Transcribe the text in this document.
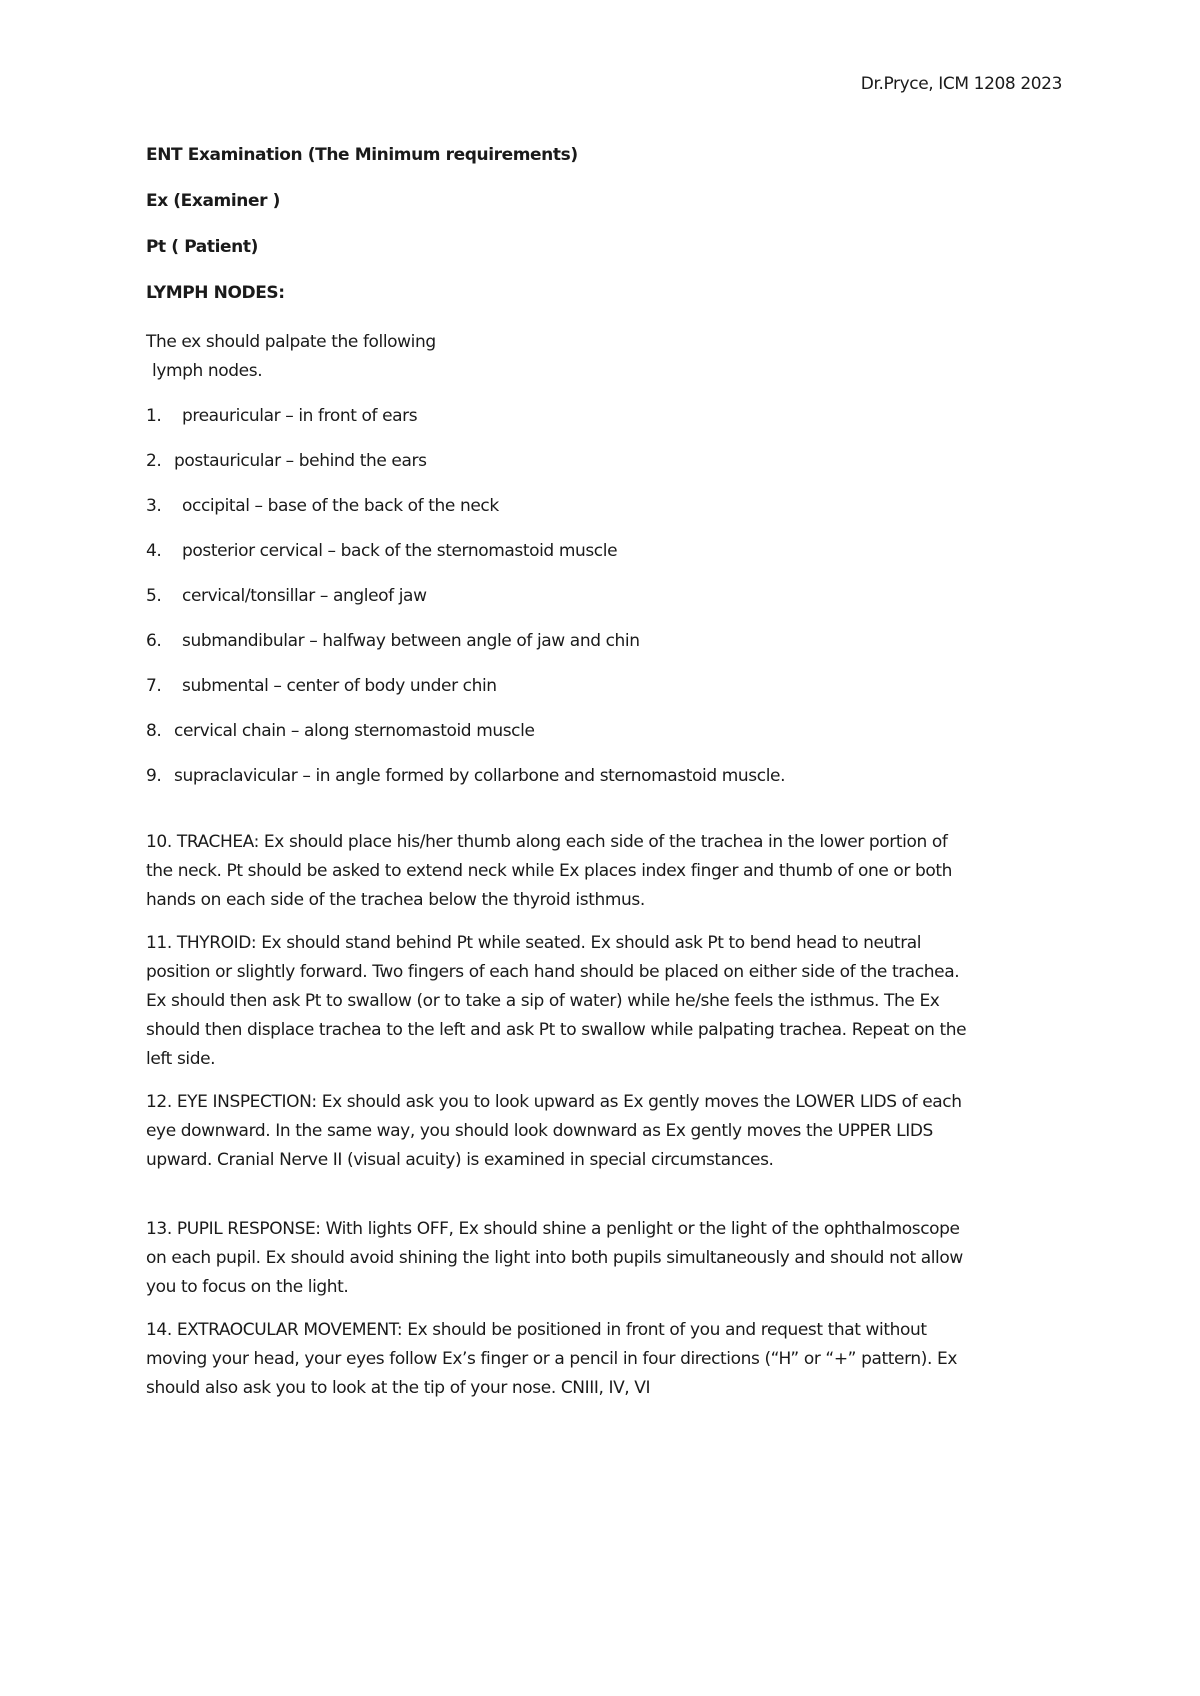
Dr.Pryce, ICM 1208 2023
ENT Examination (The Minimum requirements)
Ex (Examiner )
Pt ( Patient)
LYMPH NODES:
The ex should palpate the following
lymph nodes.
1.	preauricular – in front of ears
2. postauricular – behind the ears
3.	occipital – base of the back of the neck
4.	posterior cervical – back of the sternomastoid muscle
5.	cervical/tonsillar – angleof jaw
6.	submandibular – halfway between angle of jaw and chin
7.	submental – center of body under chin
8. cervical chain – along sternomastoid muscle
9. supraclavicular – in angle formed by collarbone and sternomastoid muscle.
10. TRACHEA: Ex should place his/her thumb along each side of the trachea in the lower portion of
the neck. Pt should be asked to extend neck while Ex places index finger and thumb of one or both
hands on each side of the trachea below the thyroid isthmus.
11. THYROID: Ex should stand behind Pt while seated. Ex should ask Pt to bend head to neutral
position or slightly forward. Two fingers of each hand should be placed on either side of the trachea.
Ex should then ask Pt to swallow (or to take a sip of water) while he/she feels the isthmus. The Ex
should then displace trachea to the left and ask Pt to swallow while palpating trachea. Repeat on the
left side.
12. EYE INSPECTION: Ex should ask you to look upward as Ex gently moves the LOWER LIDS of each
eye downward. In the same way, you should look downward as Ex gently moves the UPPER LIDS
upward. Cranial Nerve II (visual acuity) is examined in special circumstances.
13. PUPIL RESPONSE: With lights OFF, Ex should shine a penlight or the light of the ophthalmoscope
on each pupil. Ex should avoid shining the light into both pupils simultaneously and should not allow
you to focus on the light.
14. EXTRAOCULAR MOVEMENT: Ex should be positioned in front of you and request that without
moving your head, your eyes follow Ex’s finger or a pencil in four directions (“H” or “+” pattern). Ex
should also ask you to look at the tip of your nose. CNIII, IV, VI
